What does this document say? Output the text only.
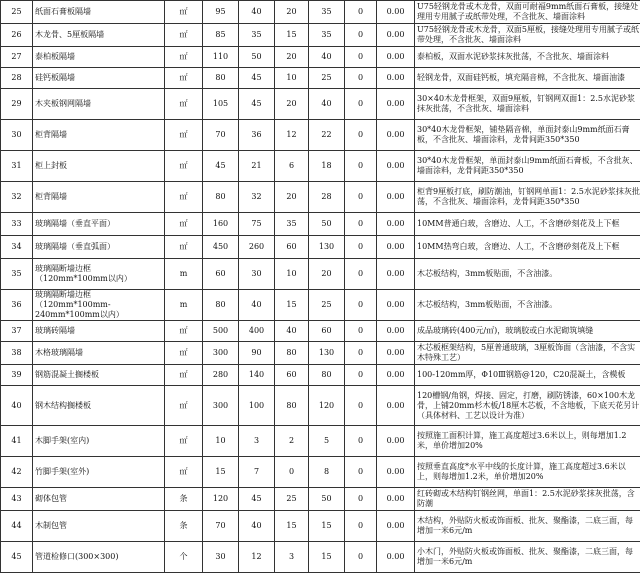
25	纸面石膏板隔墙	㎡	95	40	20	35	0	0.00	U75轻钢龙骨或木龙骨，双面可耐福9mm纸面石膏板，接缝处理用专用腻子或纸带处理，不含批灰、墙面涂料
26	木龙骨、5厘板隔墙	㎡	85	35	15	35	0	0.00	U75轻钢龙骨或木龙骨，双面5厘板，接缝处理用专用腻子或纸带处理，不含批灰、墙面涂料
27	泰柏板隔墙	㎡	110	50	20	40	0	0.00	泰柏板，双面水泥砂浆抹灰批荡，不含批灰、墙面涂料
28	硅钙板隔墙	㎡	80	45	10	25	0	0.00	轻钢龙骨，双面硅钙板，填充隔音棉，不含批灰、墙面油漆
29	木夹板钢网隔墙	㎡	105	45	20	40	0	0.00	30×40木龙骨框架，双面9厘板，钉钢网双面1：2.5水泥砂浆抹灰批荡，不含批灰、墙面涂料
30	柜背隔墙	㎡	70	36	12	22	0	0.00	30*40木龙骨框架，铺垫隔音棉，单面封泰山9mm纸面石膏板，不含批灰、墙面涂料，龙骨间距350*350
31	柜上封板	㎡	45	21	6	18	0	0.00	30*40木龙骨框架，单面封泰山9mm纸面石膏板，不含批灰、墙面涂料，龙骨间距350*350
32	柜背隔墙	㎡	80	32	20	28	0	0.00	柜背9厘板打底，刷防潮油，钉钢网单面1：2.5水泥砂浆抹灰批荡，不含批灰、墙面涂料，龙骨间距350*350
33	玻璃隔墙（垂直平面）	㎡	160	75	35	50	0	0.00	10MM普通白玻，含磨边、人工，不含磨砂刻花及上下框
34	玻璃隔墙（垂直弧面）	㎡	450	260	60	130	0	0.00	10MM热弯白玻，含磨边、人工，不含磨砂刻花及上下框
35	玻璃隔断墙边框（120mm*100mm以内）	m	60	30	10	20	0	0.00	木芯板结构，3mm板贴面，不含油漆。
36	玻璃隔断墙边框（120mm*100mm-240mm*100mm以内）	m	80	40	15	25	0	0.00	木芯板结构，3mm板贴面，不含油漆。
37	玻璃砖隔墙	㎡	500	400	40	60	0	0.00	成品玻璃砖(400元/㎡)，玻璃胶或白水泥砌筑填缝
38	木格玻璃隔墙	㎡	300	90	80	130	0	0.00	木芯板框架结构，5厘普通玻璃，3厘板饰面（含油漆，不含实木特殊工艺）
39	钢筋混凝土搁楼板	㎡	280	140	60	80	0	0.00	100-120mm厚，Φ10Ⅲ钢筋@120，C20混凝土，含模板
40	钢木结构搁楼板	㎡	300	100	80	120	0	0.00	120槽钢/角钢，焊接、固定，打磨，刷防锈漆，60×100木龙骨，上铺20mm杉木板/18厘木芯板，不含地板，下底天花另计（具体材料、工艺以设计为准）
41	木脚手架(室内)	㎡	10	3	2	5	0	0.00	按照施工面积计算，施工高度超过3.6米以上，则每增加1.2米，单价增加20%
42	竹脚手架(室外)	㎡	15	7	0	8	0	0.00	按照垂直高度*水平中线的长度计算，施工高度超过3.6米以上，则每增加1.2米，单价增加20%
43	砌体包管	条	120	45	25	50	0	0.00	红砖砌或木结构钉钢丝网，单面1：2.5水泥砂浆抹灰批荡，含防潮
44	木制包管	条	70	40	15	15	0	0.00	木结构，外贴防火板或饰面板、批灰、聚酯漆，二底三面，每增加一米6元/m
45	管道检修口(300×300)	个	30	12	3	15	0	0.00	小木门，外贴防火板或饰面板、批灰、聚酯漆，二底三面，每增加一米6元/m
